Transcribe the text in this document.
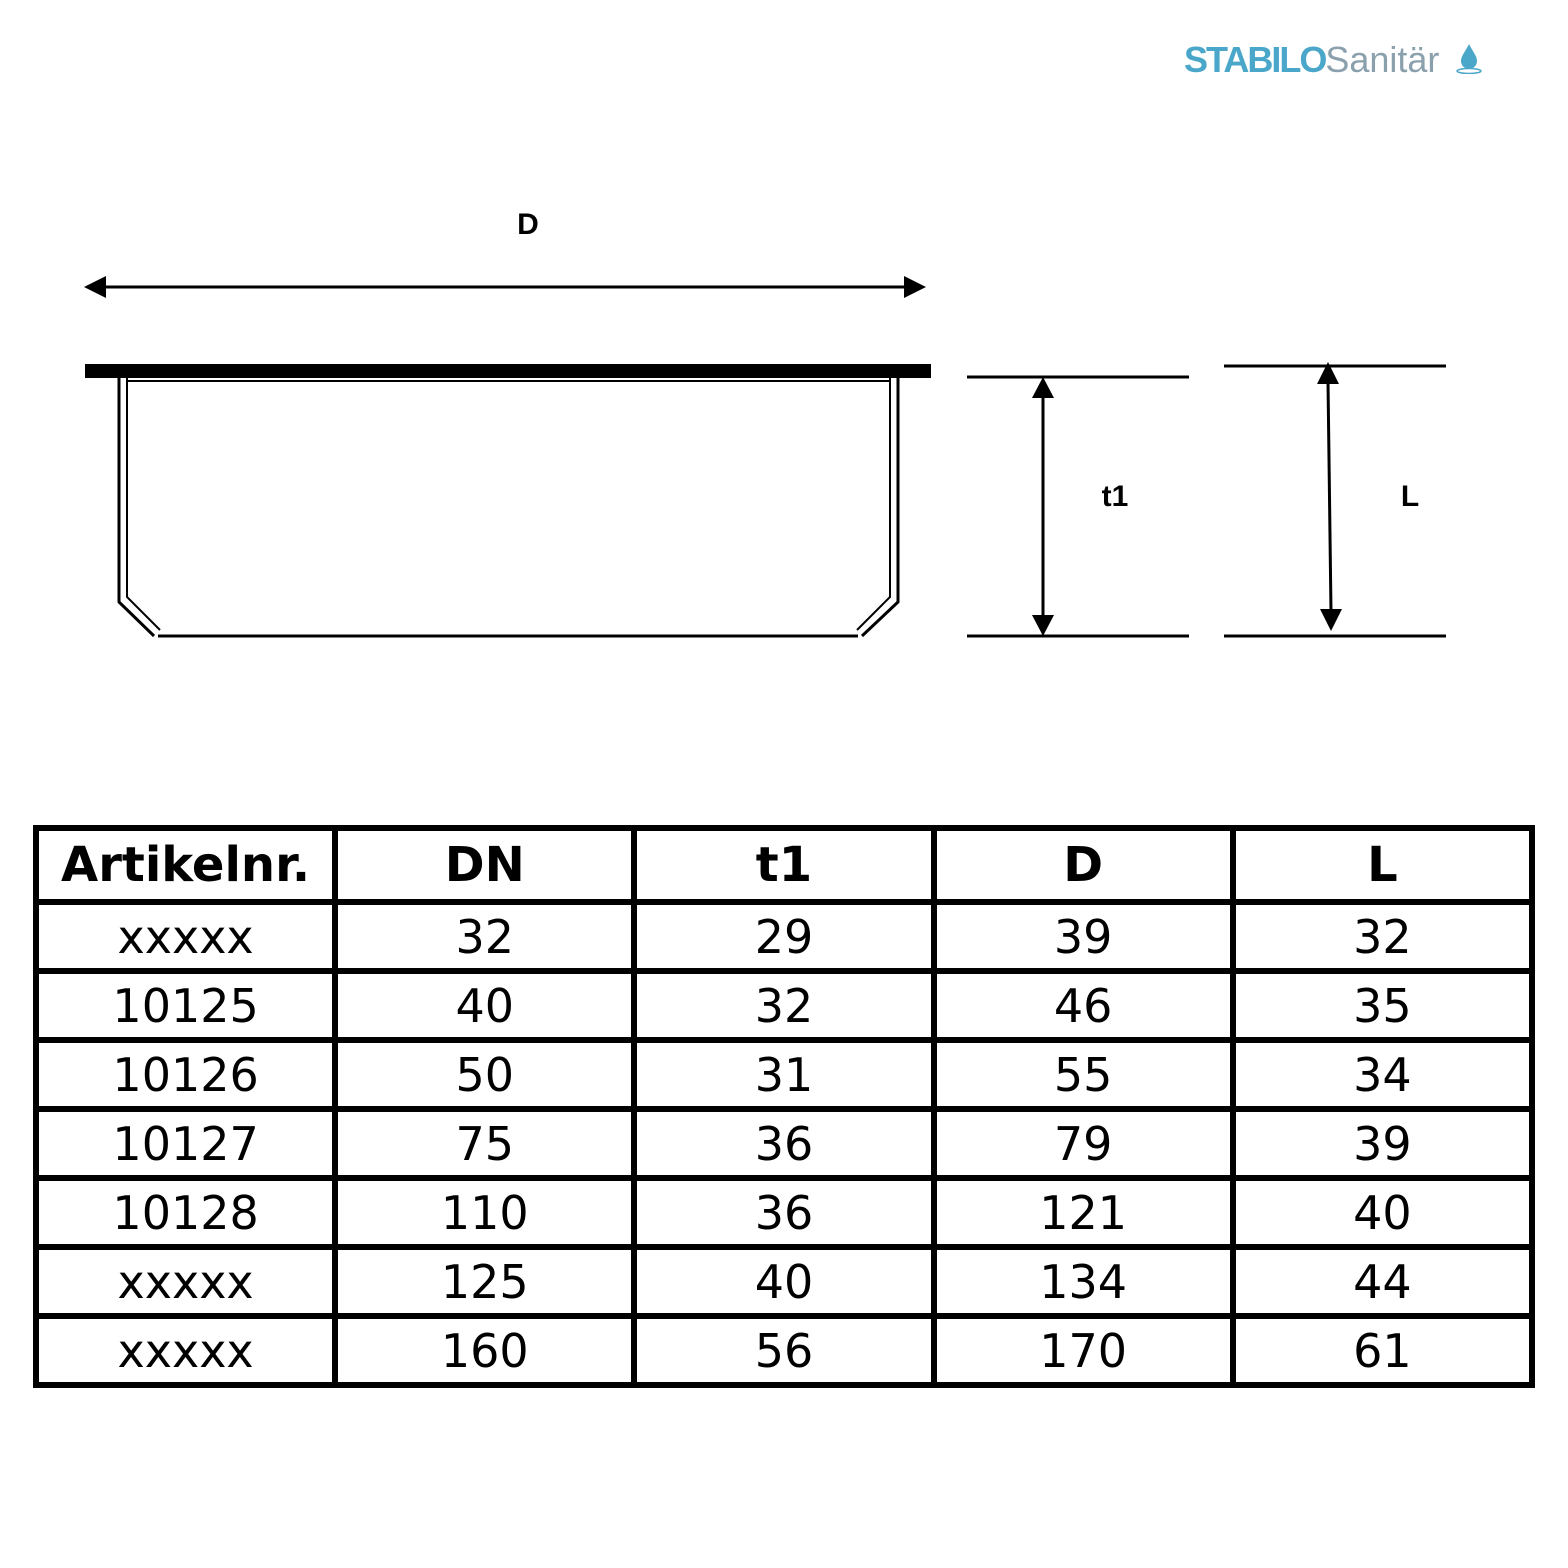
STABILOSanitär
D
t1	L
Artikelnr.	DN	t1	D	L
xxxxx	32	29	39	32
10125	40	32	46	35
10126	50	31	55	34
10127	75	36	79	39
10128	110	36	121	40
xxxxx	125	40	134	44
xxxxx	160	56	170	61
